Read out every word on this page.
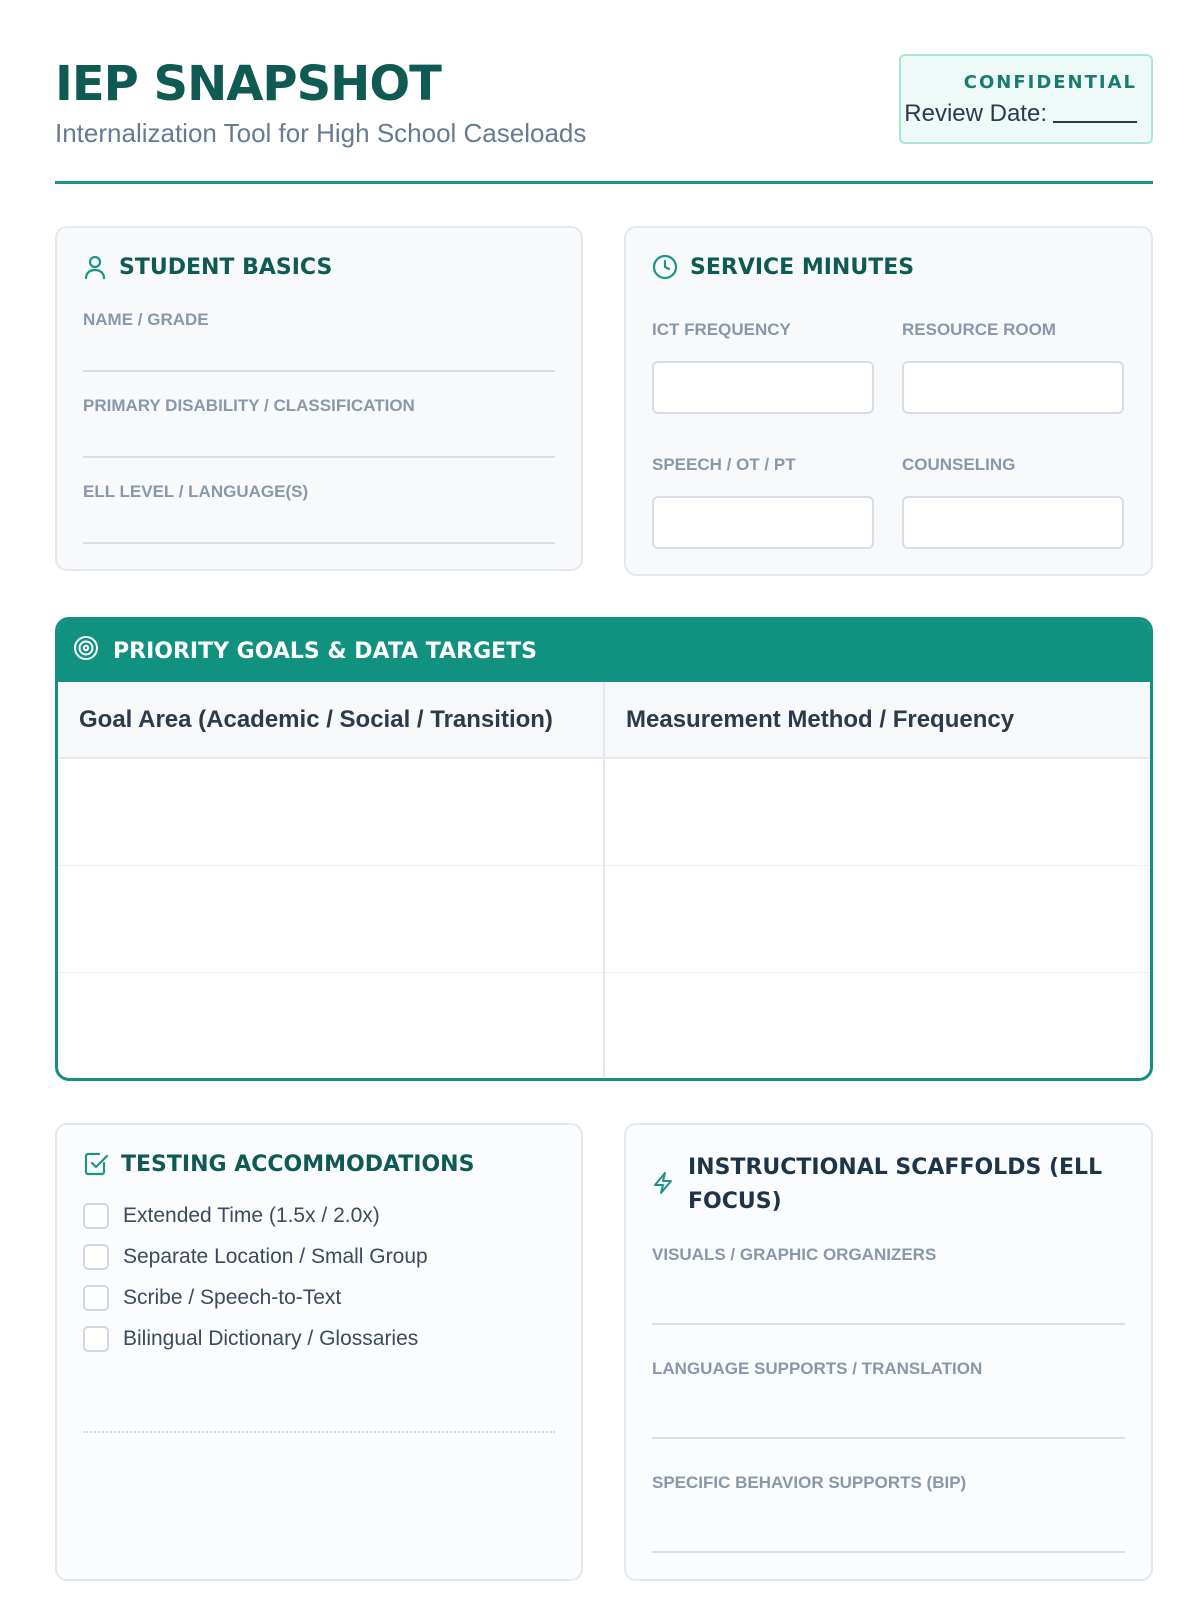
IEP SNAPSHOT
Internalization Tool for High School Caseloads
CONFIDENTIAL
Review Date:
STUDENT BASICS
NAME / GRADE
PRIMARY DISABILITY / CLASSIFICATION
ELL LEVEL / LANGUAGE(S)
SERVICE MINUTES
ICT FREQUENCY	RESOURCE ROOM
SPEECH / OT / PT	COUNSELING
PRIORITY GOALS & DATA TARGETS
Goal Area (Academic / Social / Transition)	Measurement Method / Frequency

TESTING ACCOMMODATIONS
Extended Time (1.5x / 2.0x)
Separate Location / Small Group
Scribe / Speech-to-Text
Bilingual Dictionary / Glossaries
INSTRUCTIONAL SCAFFOLDS (ELL FOCUS)
VISUALS / GRAPHIC ORGANIZERS
LANGUAGE SUPPORTS / TRANSLATION
SPECIFIC BEHAVIOR SUPPORTS (BIP)
